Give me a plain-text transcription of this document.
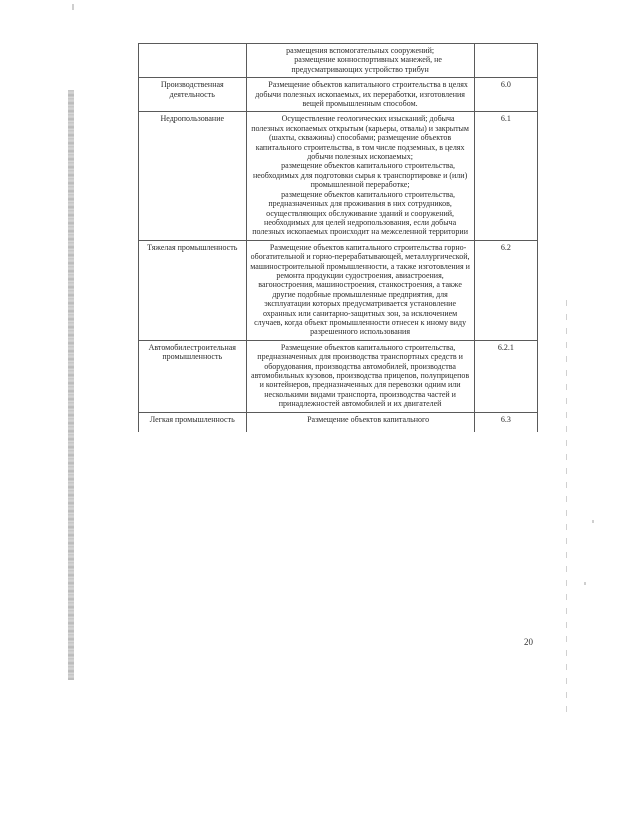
	размещения вспомогательных сооружений;
размещение конноспортивных манежей, не предусматривающих устройство трибун	

Производственная деятельность	Размещение объектов капитального строительства в целях добычи полезных ископаемых, их переработки, изготовления вещей промышленным способом.	6.0
Недропользование	Осуществление геологических изысканий; добыча полезных ископаемых открытым (карьеры, отвалы) и закрытым (шахты, скважины) способами; размещение объектов капитального строительства, в том числе подземных, в целях добычи полезных ископаемых;
размещение объектов капитального строительства, необходимых для подготовки сырья к транспортировке и (или) промышленной переработке;
размещение объектов капитального строительства, предназначенных для проживания в них сотрудников, осуществляющих обслуживание зданий и сооружений, необходимых для целей недропользования, если добыча полезных ископаемых происходит на межселенной территории	6.1
Тяжелая промышленность	Размещение объектов капитального строительства горно-обогатительной и горно-перерабатывающей, металлургической, машиностроительной промышленности, а также изготовления и ремонта продукции судостроения, авиастроения, вагоностроения, машиностроения, станкостроения, а также другие подобные промышленные предприятия, для эксплуатации которых предусматривается установление охранных или санитарно-защитных зон, за исключением случаев, когда объект промышленности отнесен к иному виду разрешенного использования	6.2
Автомобилестроительная промышленность	Размещение объектов капитального строительства, предназначенных для производства транспортных средств и оборудования, производства автомобилей, производства автомобильных кузовов, производства прицепов, полуприцепов и контейнеров, предназначенных для перевозки одним или несколькими видами транспорта, производства частей и принадлежностей автомобилей и их двигателей	6.2.1
Легкая промышленность	Размещение объектов капитального	6.3
20
